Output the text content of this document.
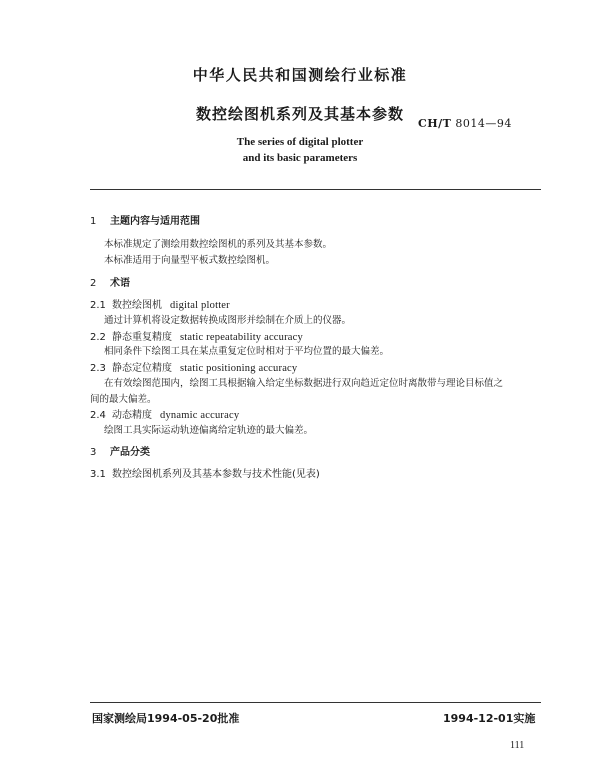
中华人民共和国测绘行业标准
数控绘图机系列及其基本参数
CH/T 8014—94
The series of digital plotter
and its basic parameters
1 主题内容与适用范围
本标准规定了测绘用数控绘图机的系列及其基本参数。
本标准适用于向量型平板式数控绘图机。
2 术语
2.1 数控绘图机 digital plotter
通过计算机将设定数据转换成图形并绘制在介质上的仪器。
2.2 静态重复精度 static repeatability accuracy
相同条件下绘图工具在某点重复定位时相对于平均位置的最大偏差。
2.3 静态定位精度 static positioning accuracy
在有效绘图范围内，绘图工具根据输入给定坐标数据进行双向趋近定位时离散带与理论目标值之
间的最大偏差。
2.4 动态精度 dynamic accuracy
绘图工具实际运动轨迹偏离给定轨迹的最大偏差。
3 产品分类
3.1 数控绘图机系列及其基本参数与技术性能(见表)
国家测绘局1994-05-20批准	1994-12-01实施
111
